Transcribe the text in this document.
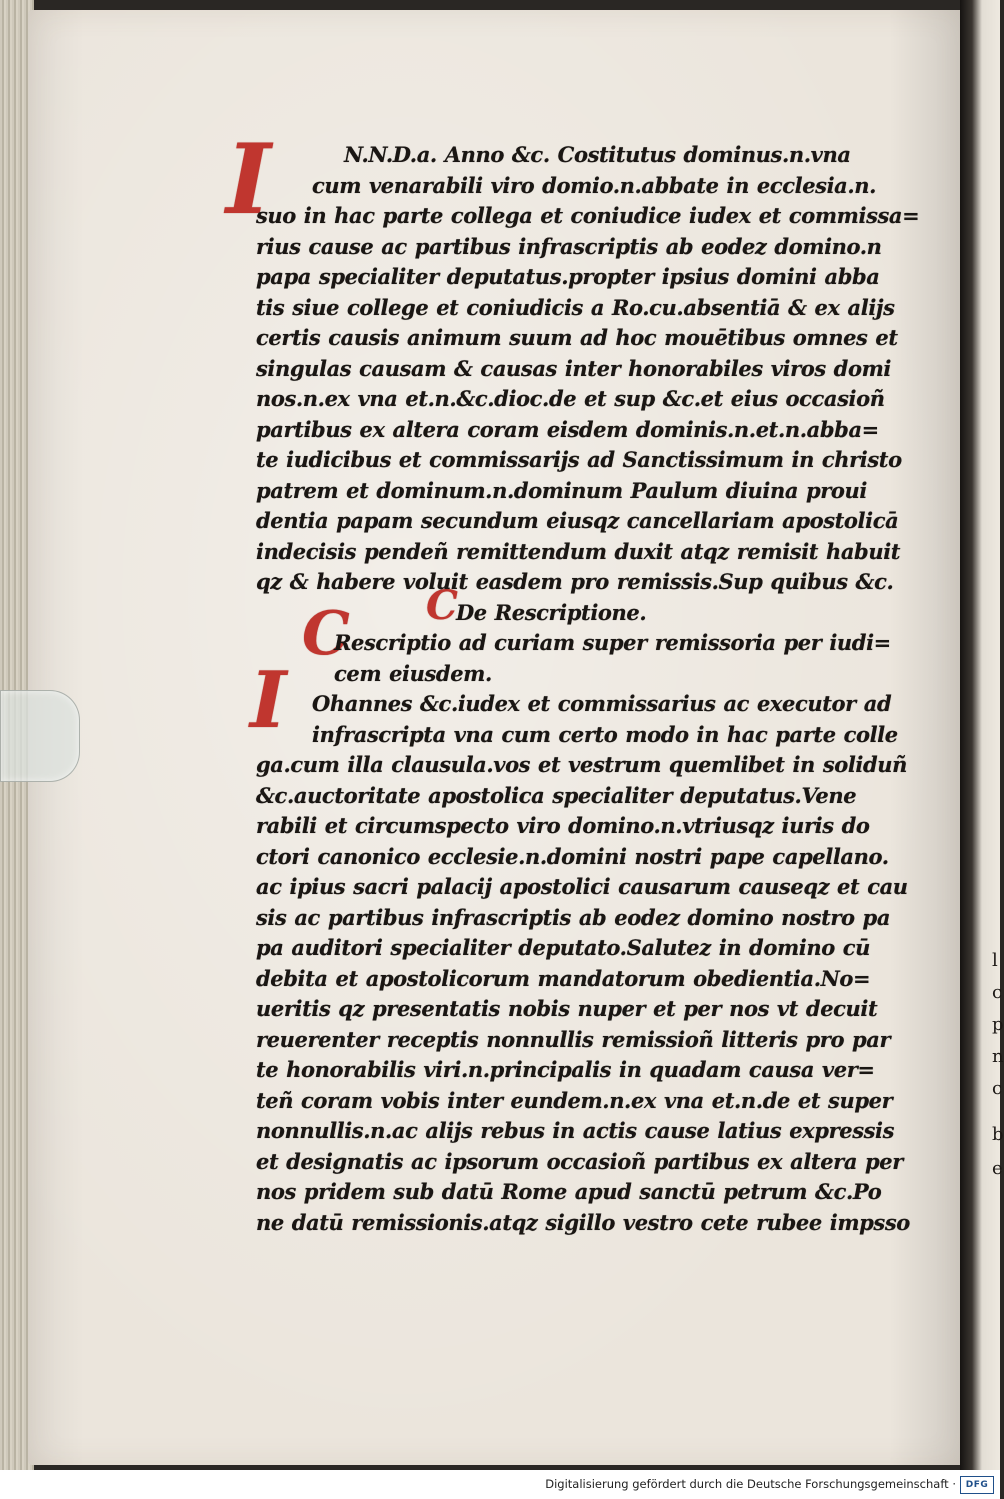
l
c
p
n
c
b
e
I
C
C
I
N.N.D.a. Anno &c. Costitutus dominus.n.vna
cum venarabili viro domio.n.abbate in ecclesia.n.
suo in hac parte collega et coniudice iudex et commissa=
rius cause ac partibus infrascriptis ab eodez domino.n
papa specialiter deputatus.propter ipsius domini abba
tis siue college et coniudicis a Ro.cu.absentiā & ex alijs
certis causis animum suum ad hoc mouētibus omnes et
singulas causam & causas inter honorabiles viros domi
nos.n.ex vna et.n.&c.dioc.de et sup &c.et eius occasioñ
partibus ex altera coram eisdem dominis.n.et.n.abba=
te iudicibus et commissarijs ad Sanctissimum in christo
patrem et dominum.n.dominum Paulum diuina proui
dentia papam secundum eiusqz cancellariam apostolicā
indecisis pendeñ remittendum duxit atqz remisit habuit
qz & habere voluit easdem pro remissis.Sup quibus &c.
De Rescriptione.
Rescriptio ad curiam super remissoria per iudi=
cem eiusdem.
Ohannes &c.iudex et commissarius ac executor ad
infrascripta vna cum certo modo in hac parte colle
ga.cum illa clausula.vos et vestrum quemlibet in soliduñ
&c.auctoritate apostolica specialiter deputatus.Vene
rabili et circumspecto viro domino.n.vtriusqz iuris do
ctori canonico ecclesie.n.domini nostri pape capellano.
ac ipius sacri palacij apostolici causarum causeqz et cau
sis ac partibus infrascriptis ab eodez domino nostro pa
pa auditori specialiter deputato.Salutez in domino cū
debita et apostolicorum mandatorum obedientia.No=
ueritis qz presentatis nobis nuper et per nos vt decuit
reuerenter receptis nonnullis remissioñ litteris pro par
te honorabilis viri.n.principalis in quadam causa ver=
teñ coram vobis inter eundem.n.ex vna et.n.de et super
nonnullis.n.ac alijs rebus in actis cause latius expressis
et designatis ac ipsorum occasioñ partibus ex altera per
nos pridem sub datū Rome apud sanctū petrum &c.Po
ne datū remissionis.atqz sigillo vestro cete rubee impsso
Digitalisierung gefördert durch die Deutsche Forschungsgemeinschaft ·	DFG
